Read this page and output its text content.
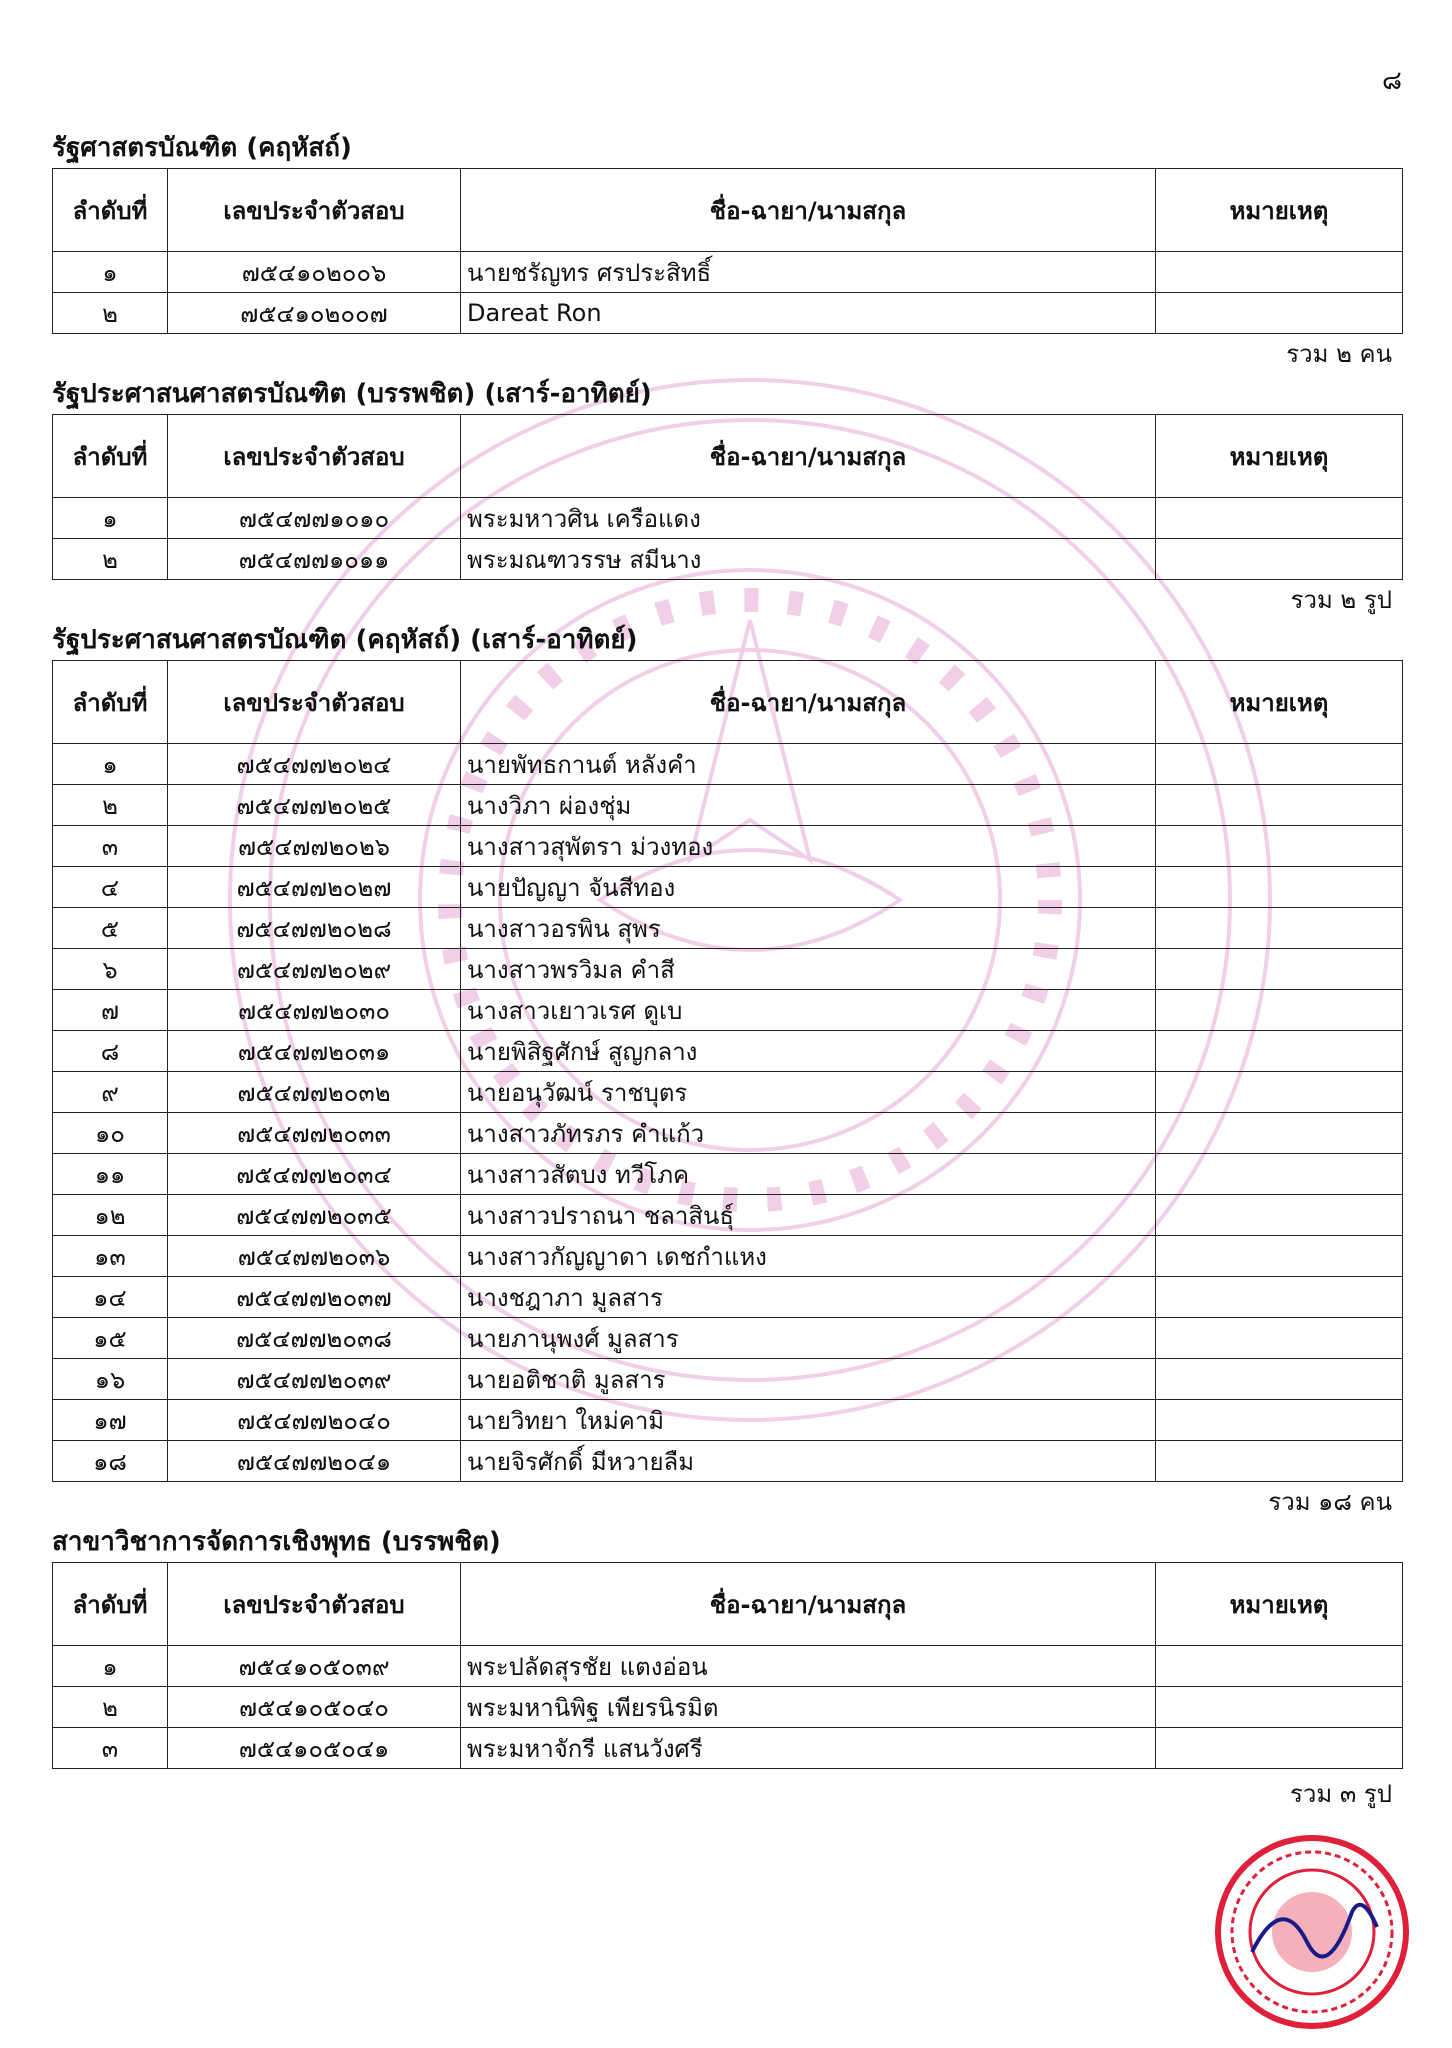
๘
รัฐศาสตรบัณฑิต (คฤหัสถ์)
ลำดับที่	เลขประจำตัวสอบ	ชื่อ-ฉายา/นามสกุล	หมายเหตุ
๑	๗๕๔๑๐๒๐๐๖	นายชรัญทร ศรประสิทธิ์	
๒	๗๕๔๑๐๒๐๐๗	Dareat Ron	
รวม ๒ คน
รัฐประศาสนศาสตรบัณฑิต (บรรพชิต) (เสาร์-อาทิตย์)
ลำดับที่	เลขประจำตัวสอบ	ชื่อ-ฉายา/นามสกุล	หมายเหตุ
๑	๗๕๔๗๗๑๐๑๐	พระมหาวศิน เครือแดง	
๒	๗๕๔๗๗๑๐๑๑	พระมณฑวรรษ สมีนาง	
รวม ๒ รูป
รัฐประศาสนศาสตรบัณฑิต (คฤหัสถ์) (เสาร์-อาทิตย์)
ลำดับที่	เลขประจำตัวสอบ	ชื่อ-ฉายา/นามสกุล	หมายเหตุ
๑	๗๕๔๗๗๒๐๒๔	นายพัทธกานต์ หลังคำ	
๒	๗๕๔๗๗๒๐๒๕	นางวิภา ผ่องชุ่ม	
๓	๗๕๔๗๗๒๐๒๖	นางสาวสุพัตรา ม่วงทอง	
๔	๗๕๔๗๗๒๐๒๗	นายปัญญา จันสีทอง	
๕	๗๕๔๗๗๒๐๒๘	นางสาวอรพิน สุพร	
๖	๗๕๔๗๗๒๐๒๙	นางสาวพรวิมล คำสี	
๗	๗๕๔๗๗๒๐๓๐	นางสาวเยาวเรศ ดูเบ	
๘	๗๕๔๗๗๒๐๓๑	นายพิสิฐศักษ์ สูญกลาง	
๙	๗๕๔๗๗๒๐๓๒	นายอนุวัฒน์ ราชบุตร	
๑๐	๗๕๔๗๗๒๐๓๓	นางสาวภัทรภร คำแก้ว	
๑๑	๗๕๔๗๗๒๐๓๔	นางสาวสัตบง ทวีโภค	
๑๒	๗๕๔๗๗๒๐๓๕	นางสาวปราถนา ชลาสินธุ์	
๑๓	๗๕๔๗๗๒๐๓๖	นางสาวกัญญาดา เดชกำแหง	
๑๔	๗๕๔๗๗๒๐๓๗	นางชฎาภา มูลสาร	
๑๕	๗๕๔๗๗๒๐๓๘	นายภานุพงศ์ มูลสาร	
๑๖	๗๕๔๗๗๒๐๓๙	นายอติชาติ มูลสาร	
๑๗	๗๕๔๗๗๒๐๔๐	นายวิทยา ใหม่คามิ	
๑๘	๗๕๔๗๗๒๐๔๑	นายจิรศักดิ์ มีหวายลืม	
รวม ๑๘ คน
สาขาวิชาการจัดการเชิงพุทธ (บรรพชิต)
ลำดับที่	เลขประจำตัวสอบ	ชื่อ-ฉายา/นามสกุล	หมายเหตุ
๑	๗๕๔๑๐๕๐๓๙	พระปลัดสุรชัย แตงอ่อน	
๒	๗๕๔๑๐๕๐๔๐	พระมหานิพิฐ เพียรนิรมิต	
๓	๗๕๔๑๐๕๐๔๑	พระมหาจักรี แสนวังศรี	
รวม ๓ รูป
